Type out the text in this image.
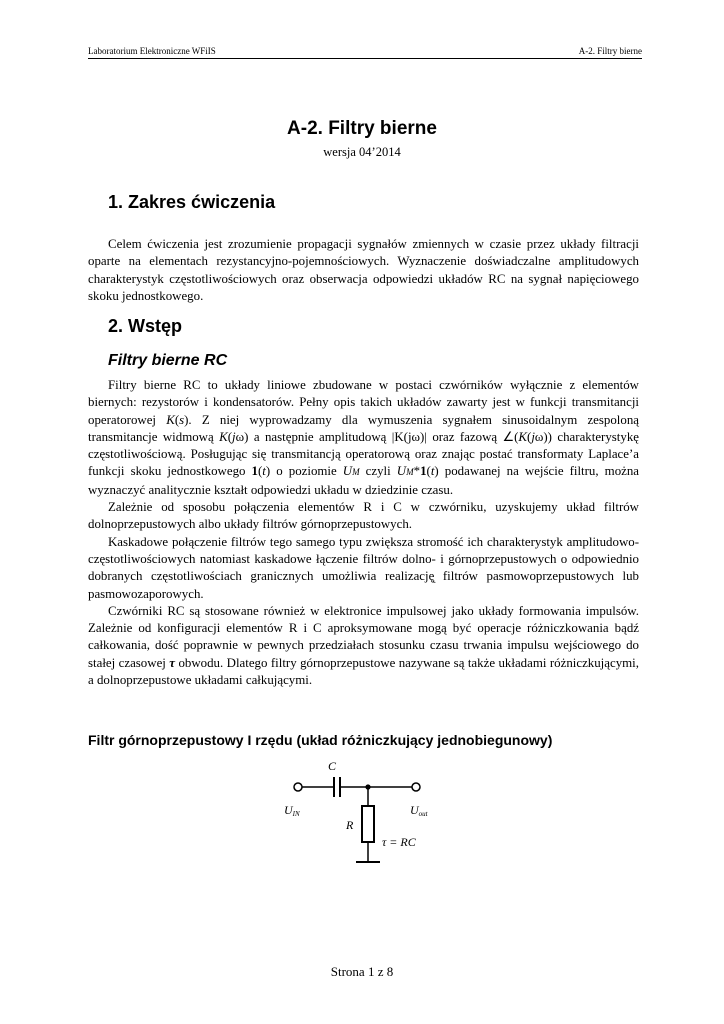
Laboratorium Elektroniczne WFiIS	A-2. Filtry bierne
A-2. Filtry bierne
wersja 04’2014
1. Zakres ćwiczenia

Celem ćwiczenia jest zrozumienie propagacji sygnałów zmiennych w czasie przez układy filtracji oparte na elementach rezystancyjno-pojemnościowych. Wyznaczenie doświadczalne amplitudowych charakterystyk częstotliwościowych oraz obserwacja odpowiedzi układów RC na sygnał napięciowego skoku jednostkowego.

2. Wstęp
Filtry bierne RC

Filtry bierne RC to układy liniowe zbudowane w postaci czwórników wyłącznie z elementów biernych: rezystorów i kondensatorów. Pełny opis takich układów zawarty jest w funkcji transmitancji operatorowej K(s). Z niej wyprowadzamy dla wymuszenia sygnałem sinusoidalnym zespoloną transmitancje widmową K(jω) a następnie amplitudową |K(jω)| oraz fazową ∠(K(jω)) charakterystykę częstotliwościową. Posługując się transmitancją operatorową oraz znając postać transformaty Laplace’a funkcji skoku jednostkowego 1(t) o poziomie UM czyli UM*1(t) podawanej na wejście filtru, można wyznaczyć analitycznie kształt odpowiedzi układu w dziedzinie czasu.

Zależnie od sposobu połączenia elementów R i C w czwórniku, uzyskujemy układ filtrów dolnoprzepustowych albo układy filtrów górnoprzepustowych.

Kaskadowe połączenie filtrów tego samego typu zwiększa stromość ich charakterystyk amplitudowo-częstotliwościowych natomiast kaskadowe łączenie filtrów dolno- i górnoprzepustowych o odpowiednio dobranych częstotliwościach granicznych umożliwia realizację̨ filtrów pasmowoprzepustowych lub pasmowozaporowych.

Czwórniki RC są stosowane również w elektronice impulsowej jako układy formowania impulsów. Zależnie od konfiguracji elementów R i C aproksymowane mogą być operacje różniczkowania bądź całkowania, dość poprawnie w pewnych przedziałach stosunku czasu trwania impulsu wejściowego do stałej czasowej τ obwodu. Dlatego filtry górnoprzepustowe nazywane są także układami różniczkującymi, a dolnoprzepustowe układami całkującymi.

Filtr górnoprzepustowy I rzędu (układ różniczkujący jednobiegunowy)
C
R
UIN	Uout
τ = RC
Strona 1 z 8
